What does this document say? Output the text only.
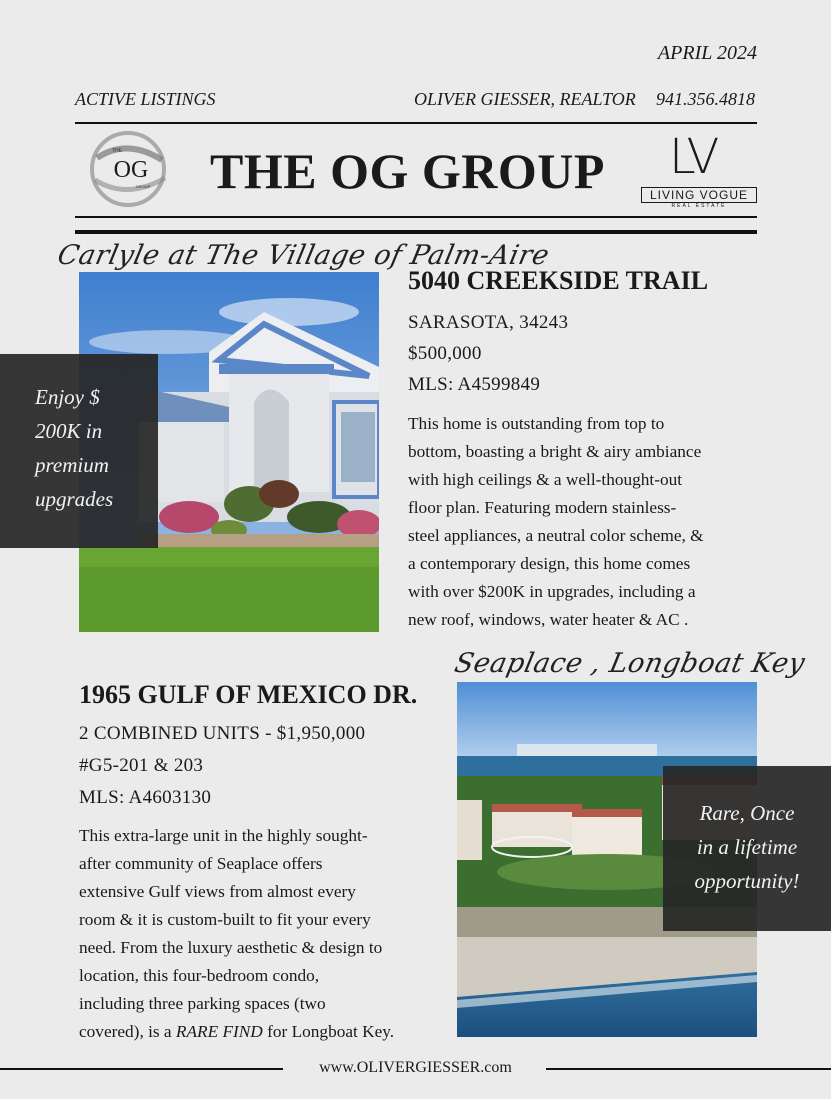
APRIL 2024
ACTIVE LISTINGS	OLIVER GIESSER, REALTOR 941.356.4818
OG
THE
GROUP THE OG GROUP LV
LIVING VOGUE
REAL ESTATE
Carlyle at The Village of Palm-Aire
Enjoy $
200K in
premium
upgrades
5040 CREEKSIDE TRAIL
SARASOTA, 34243
$500,000
MLS: A4599849
This home is outstanding from top to
bottom, boasting a bright & airy ambiance
with high ceilings & a well-thought-out
floor plan. Featuring modern stainless-
steel appliances, a neutral color scheme, &
a contemporary design, this home comes
with over $200K in upgrades, including a
new roof, windows, water heater & AC .
Seaplace , Longboat Key
Rare, Once
in a lifetime
opportunity!
1965 GULF OF MEXICO DR.
2 COMBINED UNITS - $1,950,000
#G5-201 & 203
MLS: A4603130
This extra-large unit in the highly sought-
after community of Seaplace offers
extensive Gulf views from almost every
room & it is custom-built to fit your every
need. From the luxury aesthetic & design to
location, this four-bedroom condo,
including three parking spaces (two
covered), is a RARE FIND for Longboat Key.
www.OLIVERGIESSER.com
